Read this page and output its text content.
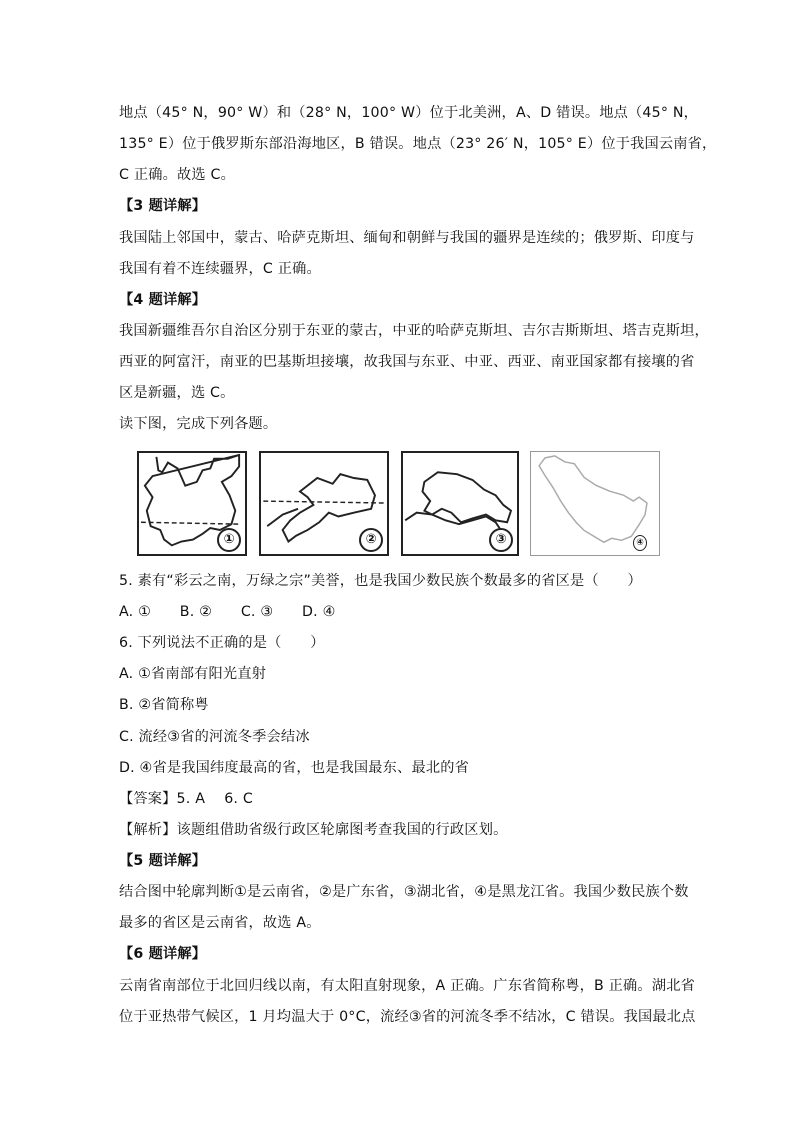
地点（45° N，90° W）和（28° N，100° W）位于北美洲，A、D 错误。地点（45° N，
135° E）位于俄罗斯东部沿海地区，B 错误。地点（23° 26′ N，105° E）位于我国云南省，
C 正确。故选 C。
【3 题详解】
我国陆上邻国中，蒙古、哈萨克斯坦、缅甸和朝鲜与我国的疆界是连续的；俄罗斯、印度与
我国有着不连续疆界，C 正确。
【4 题详解】
我国新疆维吾尔自治区分别于东亚的蒙古，中亚的哈萨克斯坦、吉尔吉斯斯坦、塔吉克斯坦，
西亚的阿富汗，南亚的巴基斯坦接壤，故我国与东亚、中亚、西亚、南亚国家都有接壤的省
区是新疆，选 C。
读下图，完成下列各题。
①	②	③	④
5. 素有“彩云之南，万绿之宗”美誉，也是我国少数民族个数最多的省区是（　　）
A. ①　　B. ②　　C. ③　　D. ④
6. 下列说法不正确的是（　　）
A. ①省南部有阳光直射
B. ②省简称粤
C. 流经③省的河流冬季会结冰
D. ④省是我国纬度最高的省，也是我国最东、最北的省
【答案】5. A　 6. C
【解析】该题组借助省级行政区轮廓图考查我国的行政区划。
【5 题详解】
结合图中轮廓判断①是云南省，②是广东省，③湖北省，④是黑龙江省。我国少数民族个数
最多的省区是云南省，故选 A。
【6 题详解】
云南省南部位于北回归线以南，有太阳直射现象，A 正确。广东省简称粤，B 正确。湖北省
位于亚热带气候区，1 月均温大于 0°C，流经③省的河流冬季不结冰，C 错误。我国最北点
